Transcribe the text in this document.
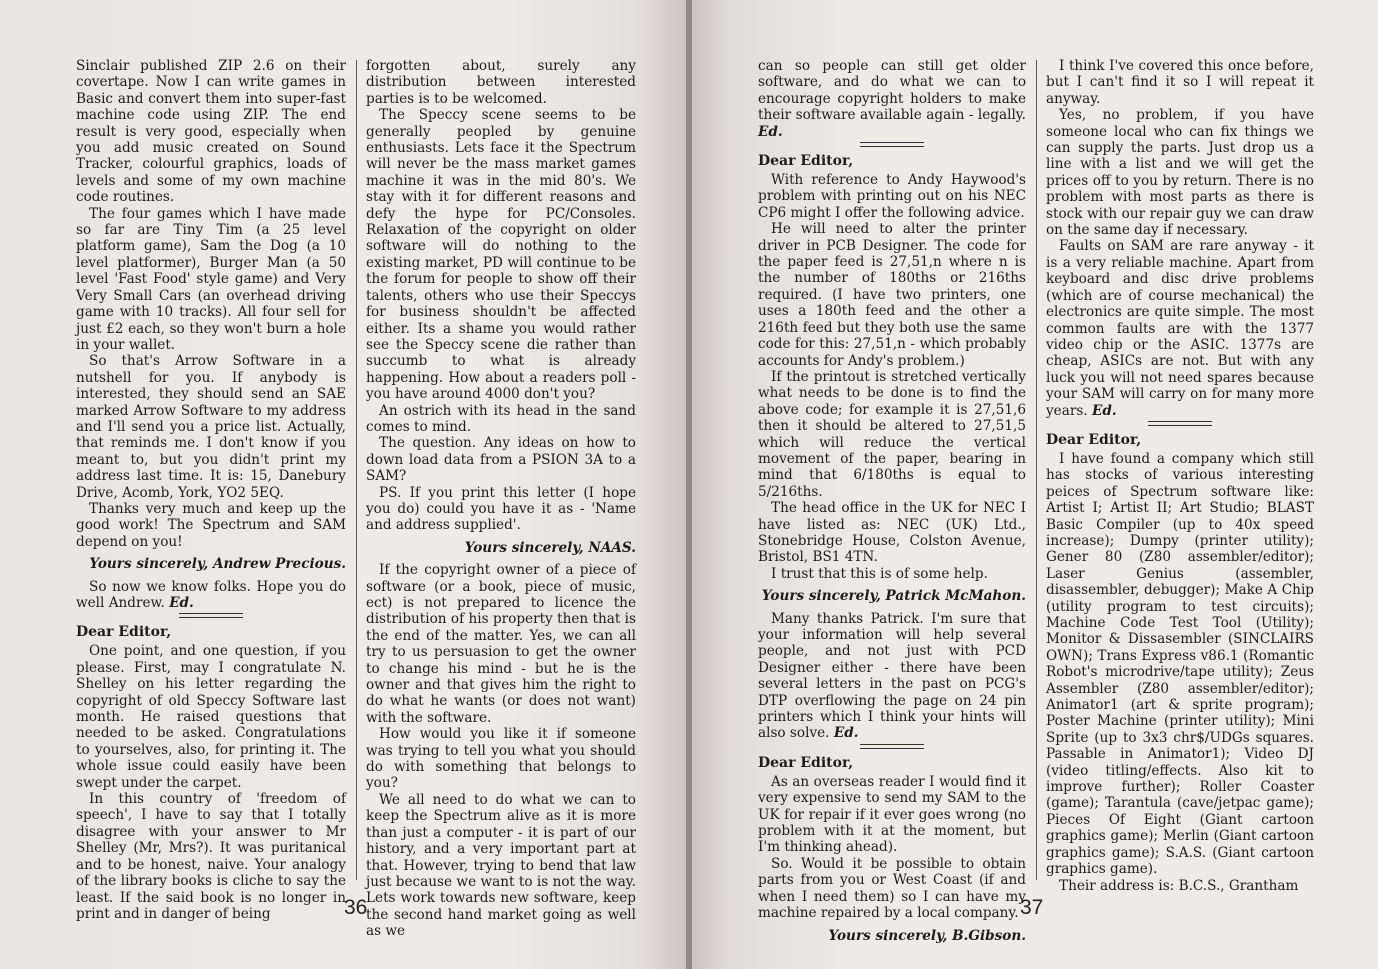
Sinclair published ZIP 2.6 on their covertape. Now I can write games in Basic and convert them into super-fast machine code using ZIP. The end result is very good, especially when you add music created on Sound Tracker, colourful graphics, loads of levels and some of my own machine code routines.

The four games which I have made so far are Tiny Tim (a 25 level platform game), Sam the Dog (a 10 level platformer), Burger Man (a 50 level 'Fast Food' style game) and Very Very Small Cars (an overhead driving game with 10 tracks). All four sell for just £2 each, so they won't burn a hole in your wallet.

So that's Arrow Software in a nutshell for you. If anybody is interested, they should send an SAE marked Arrow Software to my address and I'll send you a price list. Actually, that reminds me. I don't know if you meant to, but you didn't print my address last time. It is: 15, Danebury Drive, Acomb, York, YO2 5EQ.

Thanks very much and keep up the good work! The Spectrum and SAM depend on you!

Yours sincerely, Andrew Precious.

So now we know folks. Hope you do well Andrew. Ed.

Dear Editor,

One point, and one question, if you please. First, may I congratulate N. Shelley on his letter regarding the copyright of old Speccy Software last month. He raised questions that needed to be asked. Congratulations to yourselves, also, for printing it. The whole issue could easily have been swept under the carpet.

In this country of 'freedom of speech', I have to say that I totally disagree with your answer to Mr Shelley (Mr, Mrs?). It was puritanical and to be honest, naive. Your analogy of the library books is cliche to say the least. If the said book is no longer in print and in danger of being

forgotten about, surely any distribution between interested parties is to be welcomed.

The Speccy scene seems to be generally peopled by genuine enthusiasts. Lets face it the Spectrum will never be the mass market games machine it was in the mid 80's. We stay with it for different reasons and defy the hype for PC/Consoles. Relaxation of the copyright on older software will do nothing to the existing market, PD will continue to be the forum for people to show off their talents, others who use their Speccys for business shouldn't be affected either. Its a shame you would rather see the Speccy scene die rather than succumb to what is already happening. How about a readers poll - you have around 4000 don't you?

An ostrich with its head in the sand comes to mind.

The question. Any ideas on how to down load data from a PSION 3A to a SAM?

PS. If you print this letter (I hope you do) could you have it as - 'Name and address supplied'.

Yours sincerely, NAAS.

If the copyright owner of a piece of software (or a book, piece of music, ect) is not prepared to licence the distribution of his property then that is the end of the matter. Yes, we can all try to us persuasion to get the owner to change his mind - but he is the owner and that gives him the right to do what he wants (or does not want) with the software.

How would you like it if someone was trying to tell you what you should do with something that belongs to you?

We all need to do what we can to keep the Spectrum alive as it is more than just a computer - it is part of our history, and a very important part at that. However, trying to bend that law just because we want to is not the way. Lets work towards new software, keep the second hand market going as well as we

36

can so people can still get older software, and do what we can to encourage copyright holders to make their software available again - legally. Ed.

Dear Editor,

With reference to Andy Haywood's problem with printing out on his NEC CP6 might I offer the following advice.

He will need to alter the printer driver in PCB Designer. The code for the paper feed is 27,51,n where n is the number of 180ths or 216ths required. (I have two printers, one uses a 180th feed and the other a 216th feed but they both use the same code for this: 27,51,n - which probably accounts for Andy's problem.)

If the printout is stretched vertically what needs to be done is to find the above code; for example it is 27,51,6 then it should be altered to 27,51,5 which will reduce the vertical movement of the paper, bearing in mind that 6/180ths is equal to 5/216ths.

The head office in the UK for NEC I have listed as: NEC (UK) Ltd., Stonebridge House, Colston Avenue, Bristol, BS1 4TN.

I trust that this is of some help.

Yours sincerely, Patrick McMahon.

Many thanks Patrick. I'm sure that your information will help several people, and not just with PCD Designer either - there have been several letters in the past on PCG's DTP overflowing the page on 24 pin printers which I think your hints will also solve. Ed.

Dear Editor,

As an overseas reader I would find it very expensive to send my SAM to the UK for repair if it ever goes wrong (no problem with it at the moment, but I'm thinking ahead).

So. Would it be possible to obtain parts from you or West Coast (if and when I need them) so I can have my machine repaired by a local company.

Yours sincerely, B.Gibson.

I think I've covered this once before, but I can't find it so I will repeat it anyway.

Yes, no problem, if you have someone local who can fix things we can supply the parts. Just drop us a line with a list and we will get the prices off to you by return. There is no problem with most parts as there is stock with our repair guy we can draw on the same day if necessary.

Faults on SAM are rare anyway - it is a very reliable machine. Apart from keyboard and disc drive problems (which are of course mechanical) the electronics are quite simple. The most common faults are with the 1377 video chip or the ASIC. 1377s are cheap, ASICs are not. But with any luck you will not need spares because your SAM will carry on for many more years. Ed.

Dear Editor,

I have found a company which still has stocks of various interesting peices of Spectrum software like: Artist I; Artist II; Art Studio; BLAST Basic Compiler (up to 40x speed increase); Dumpy (printer utility); Gener 80 (Z80 assembler/editor); Laser Genius (assembler, disassembler, debugger); Make A Chip (utility program to test circuits); Machine Code Test Tool (Utility); Monitor & Dissasembler (SINCLAIRS OWN); Trans Express v86.1 (Romantic Robot's microdrive/tape utility); Zeus Assembler (Z80 assembler/editor); Animator1 (art & sprite program); Poster Machine (printer utility); Mini Sprite (up to 3x3 chr$/UDGs squares. Passable in Animator1); Video DJ (video titling/effects. Also kit to improve further); Roller Coaster (game); Tarantula (cave/jetpac game); Pieces Of Eight (Giant cartoon graphics game); Merlin (Giant cartoon graphics game); S.A.S. (Giant cartoon graphics game).

Their address is: B.C.S., Grantham

37
